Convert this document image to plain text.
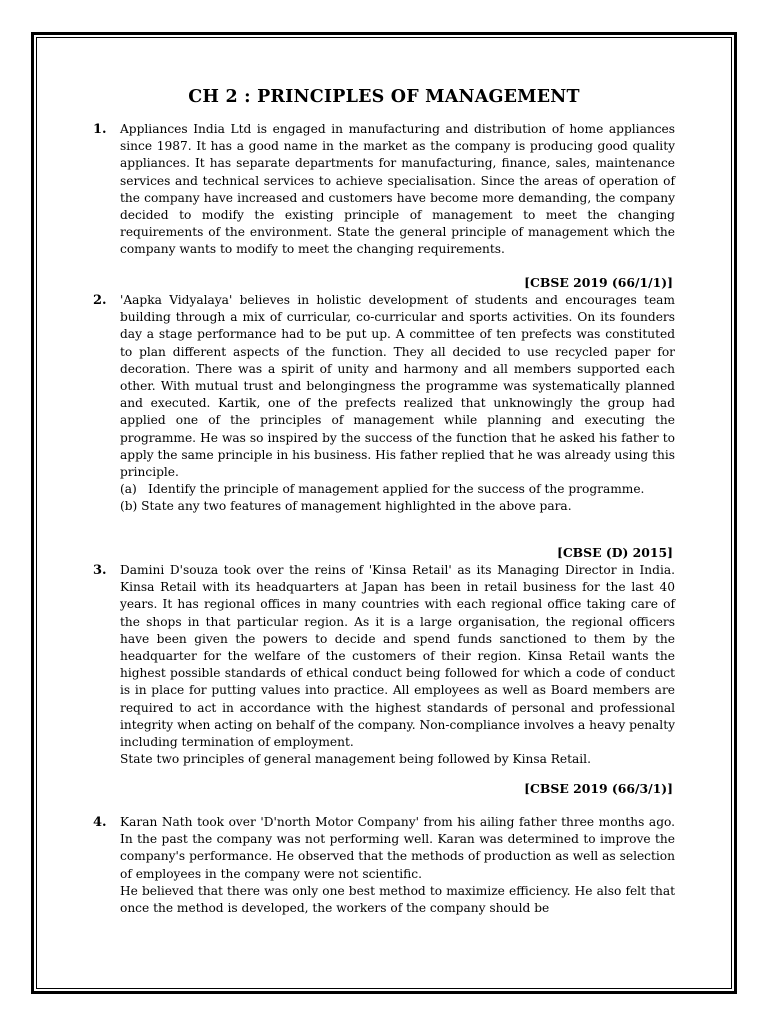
CH 2 : PRINCIPLES OF MANAGEMENT
1. Appliances India Ltd is engaged in manufacturing and distribution of home appliances since 1987. It has a good name in the market as the company is producing good quality appliances. It has separate departments for manufacturing, finance, sales, maintenance services and technical services to achieve specialisation. Since the areas of operation of the company have increased and customers have become more demanding, the company decided to modify the existing principle of management to meet the changing requirements of the environment. State the general principle of management which the company wants to modify to meet the changing requirements.

[CBSE 2019 (66/1/1)]
2. 'Aapka Vidyalaya' believes in holistic development of students and encourages team building through a mix of curricular, co-curricular and sports activities. On its founders day a stage performance had to be put up. A committee of ten prefects was constituted to plan different aspects of the function. They all decided to use recycled paper for decoration. There was a spirit of unity and harmony and all members supported each other. With mutual trust and belongingness the programme was systematically planned and executed. Kartik, one of the prefects realized that unknowingly the group had applied one of the principles of management while planning and executing the programme. He was so inspired by the success of the function that he asked his father to apply the same principle in his business. His father replied that he was already using this principle.

(a) Identify the principle of management applied for the success of the programme.

(b) State any two features of management highlighted in the above para.

[CBSE (D) 2015]
3. Damini D'souza took over the reins of 'Kinsa Retail' as its Managing Director in India. Kinsa Retail with its headquarters at Japan has been in retail business for the last 40 years. It has regional offices in many countries with each regional office taking care of the shops in that particular region. As it is a large organisation, the regional officers have been given the powers to decide and spend funds sanctioned to them by the headquarter for the welfare of the customers of their region. Kinsa Retail wants the highest possible standards of ethical conduct being followed for which a code of conduct is in place for putting values into practice. All employees as well as Board members are required to act in accordance with the highest standards of personal and professional integrity when acting on behalf of the company. Non-compliance involves a heavy penalty including termination of employment.

State two principles of general management being followed by Kinsa Retail.

[CBSE 2019 (66/3/1)]
4. Karan Nath took over 'D'north Motor Company' from his ailing father three months ago. In the past the company was not performing well. Karan was determined to improve the company's performance. He observed that the methods of production as well as selection of employees in the company were not scientific.

He believed that there was only one best method to maximize efficiency. He also felt that once the method is developed, the workers of the company should be
